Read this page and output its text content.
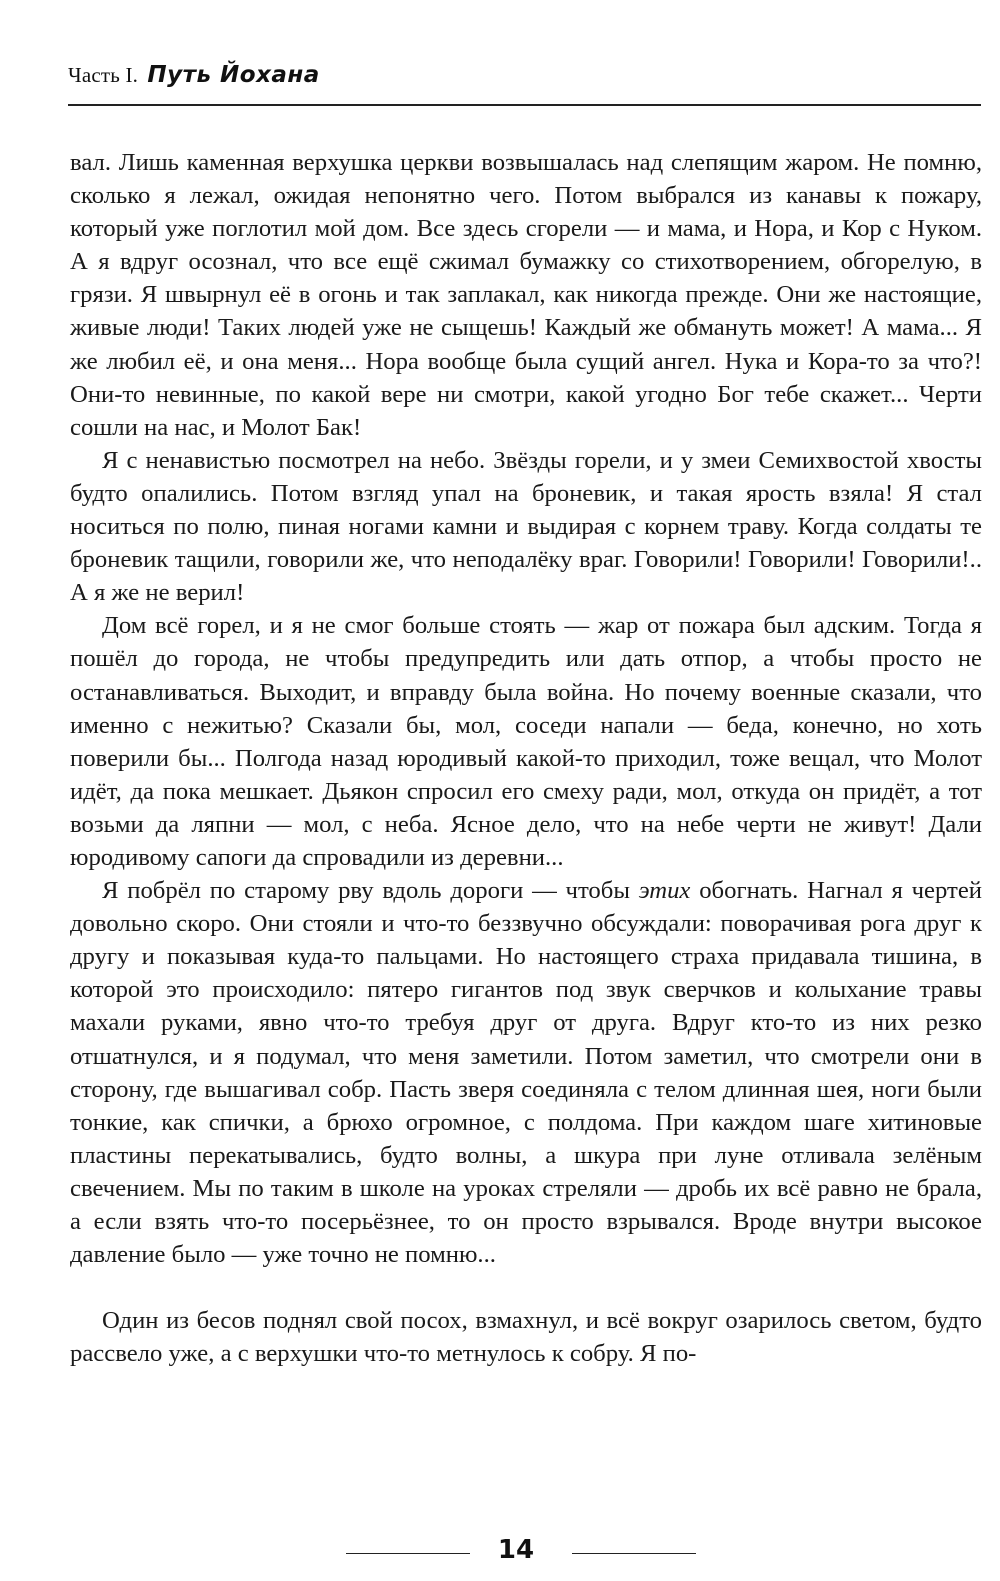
Часть I. Путь Йохана

вал. Лишь каменная верхушка церкви возвышалась над слепящим жаром. Не помню, сколько я лежал, ожидая непонятно чего. Потом выбрался из канавы к пожару, который уже поглотил мой дом. Все здесь сгорели — и мама, и Нора, и Кор с Нуком. А я вдруг осознал, что все ещё сжимал бумажку со стихотворением, обгорелую, в грязи. Я швырнул её в огонь и так заплакал, как никогда прежде. Они же настоящие, живые люди! Таких людей уже не сыщешь! Каждый же обмануть может! А мама... Я же любил её, и она меня... Нора вообще была сущий ангел. Нука и Кора-то за что?! Они-то невинные, по какой вере ни смотри, какой угодно Бог тебе скажет... Черти сошли на нас, и Молот Бак!

Я с ненавистью посмотрел на небо. Звёзды горели, и у змеи Семихвостой хвосты будто опалились. Потом взгляд упал на броневик, и такая ярость взяла! Я стал носиться по полю, пиная ногами камни и выдирая с корнем траву. Когда солдаты те броневик тащили, говорили же, что неподалёку враг. Говорили! Говорили! Говорили!.. А я же не верил!

Дом всё горел, и я не смог больше стоять — жар от пожара был адским. Тогда я пошёл до города, не чтобы предупредить или дать отпор, а чтобы просто не останавливаться. Выходит, и вправду была война. Но почему военные сказали, что именно с нежитью? Сказали бы, мол, соседи напали — беда, конечно, но хоть поверили бы... Полгода назад юродивый какой-то приходил, тоже вещал, что Молот идёт, да пока мешкает. Дьякон спросил его смеху ради, мол, откуда он придёт, а тот возьми да ляпни — мол, с неба. Ясное дело, что на небе черти не живут! Дали юродивому сапоги да спровадили из деревни...

Я побрёл по старому рву вдоль дороги — чтобы этих обогнать. Нагнал я чертей довольно скоро. Они стояли и что-то беззвучно обсуждали: поворачивая рога друг к другу и показывая куда-то пальцами. Но настоящего страха придавала тишина, в которой это происходило: пятеро гигантов под звук сверчков и колыхание травы махали руками, явно что-то требуя друг от друга. Вдруг кто-то из них резко отшатнулся, и я подумал, что меня заметили. Потом заметил, что смотрели они в сторону, где вышагивал собр. Пасть зверя соединяла с телом длинная шея, ноги были тонкие, как спички, а брюхо огромное, с полдома. При каждом шаге хитиновые пластины перекатывались, будто волны, а шкура при луне отливала зелёным свечением. Мы по таким в школе на уроках стреляли — дробь их всё равно не брала, а если взять что-то посерьёзнее, то он просто взрывался. Вроде внутри высокое давление было — уже точно не помню...

Один из бесов поднял свой посох, взмахнул, и всё вокруг озарилось светом, будто рассвело уже, а с верхушки что-то метнулось к собру. Я по-

14
